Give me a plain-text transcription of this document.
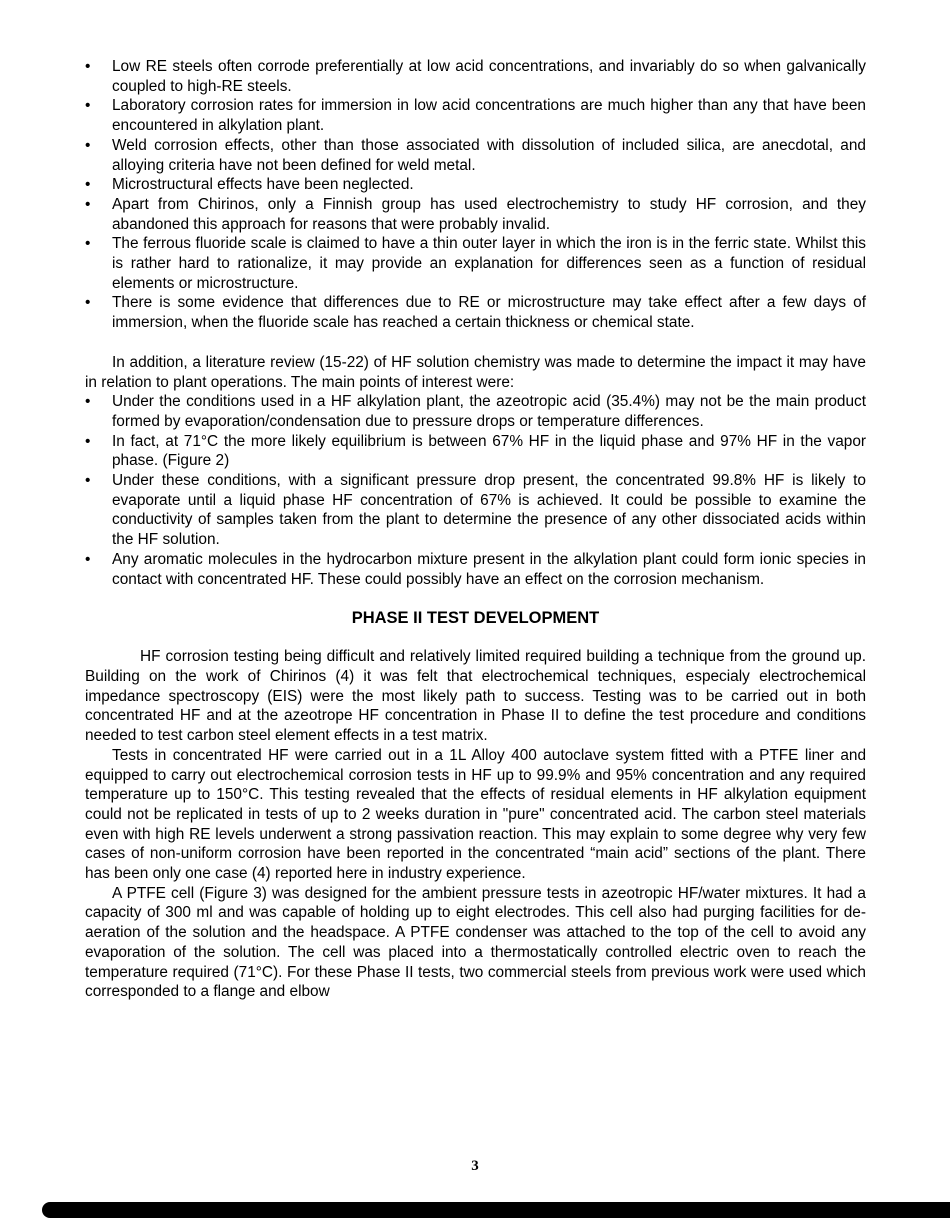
• Low RE steels often corrode preferentially at low acid concentrations, and invariably do so when galvanically coupled to high-RE steels.
• Laboratory corrosion rates for immersion in low acid concentrations are much higher than any that have been encountered in alkylation plant.
• Weld corrosion effects, other than those associated with dissolution of included silica, are anecdotal, and alloying criteria have not been defined for weld metal.
• Microstructural effects have been neglected.
• Apart from Chirinos, only a Finnish group has used electrochemistry to study HF corrosion, and they abandoned this approach for reasons that were probably invalid.
• The ferrous fluoride scale is claimed to have a thin outer layer in which the iron is in the ferric state. Whilst this is rather hard to rationalize, it may provide an explanation for differences seen as a function of residual elements or microstructure.
• There is some evidence that differences due to RE or microstructure may take effect after a few days of immersion, when the fluoride scale has reached a certain thickness or chemical state.

In addition, a literature review (15-22) of HF solution chemistry was made to determine the impact it may have in relation to plant operations. The main points of interest were:

• Under the conditions used in a HF alkylation plant, the azeotropic acid (35.4%) may not be the main product formed by evaporation/condensation due to pressure drops or temperature differences.
• In fact, at 71°C the more likely equilibrium is between 67% HF in the liquid phase and 97% HF in the vapor phase. (Figure 2)
• Under these conditions, with a significant pressure drop present, the concentrated 99.8% HF is likely to evaporate until a liquid phase HF concentration of 67% is achieved. It could be possible to examine the conductivity of samples taken from the plant to determine the presence of any other dissociated acids within the HF solution.
• Any aromatic molecules in the hydrocarbon mixture present in the alkylation plant could form ionic species in contact with concentrated HF. These could possibly have an effect on the corrosion mechanism.
PHASE II TEST DEVELOPMENT

HF corrosion testing being difficult and relatively limited required building a technique from the ground up. Building on the work of Chirinos (4) it was felt that electrochemical techniques, especialy electrochemical impedance spectroscopy (EIS) were the most likely path to success. Testing was to be carried out in both concentrated HF and at the azeotrope HF concentration in Phase II to define the test procedure and conditions needed to test carbon steel element effects in a test matrix.

Tests in concentrated HF were carried out in a 1L Alloy 400 autoclave system fitted with a PTFE liner and equipped to carry out electrochemical corrosion tests in HF up to 99.9% and 95% concentration and any required temperature up to 150°C. This testing revealed that the effects of residual elements in HF alkylation equipment could not be replicated in tests of up to 2 weeks duration in "pure" concentrated acid. The carbon steel materials even with high RE levels underwent a strong passivation reaction. This may explain to some degree why very few cases of non-uniform corrosion have been reported in the concentrated “main acid” sections of the plant. There has been only one case (4) reported here in industry experience.

A PTFE cell (Figure 3) was designed for the ambient pressure tests in azeotropic HF/water mixtures. It had a capacity of 300 ml and was capable of holding up to eight electrodes. This cell also had purging facilities for de-aeration of the solution and the headspace. A PTFE condenser was attached to the top of the cell to avoid any evaporation of the solution. The cell was placed into a thermostatically controlled electric oven to reach the temperature required (71°C). For these Phase II tests, two commercial steels from previous work were used which corresponded to a flange and elbow

3
